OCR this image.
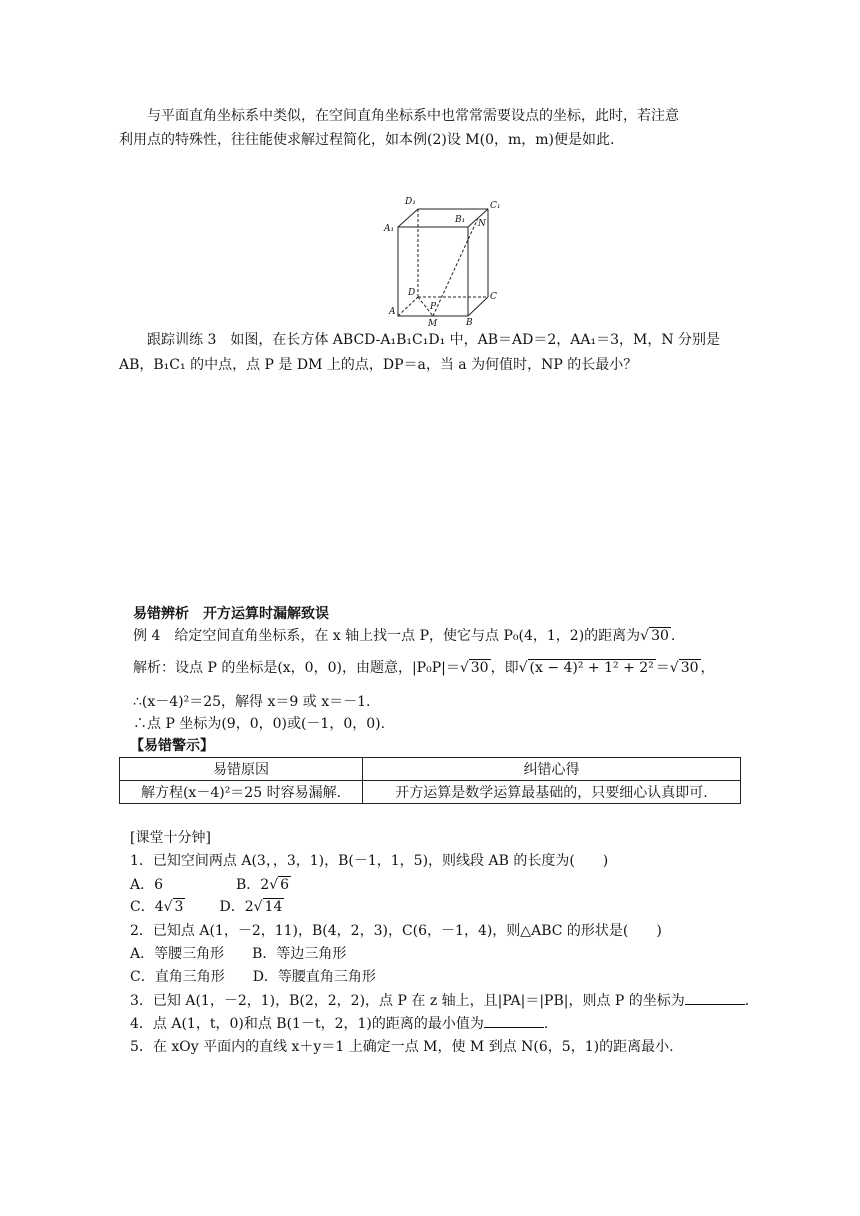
与平面直角坐标系中类似，在空间直角坐标系中也常常需要设点的坐标，此时，若注意
利用点的特殊性，往往能使求解过程简化，如本例(2)设 M(0，m，m)便是如此.
D₁
B₁
C₁
N
A₁
D	C
P
A
M	B
跟踪训练 3　如图，在长方体 ABCD-A₁B₁C₁D₁ 中，AB＝AD＝2，AA₁＝3，M，N 分别是
AB，B₁C₁ 的中点，点 P 是 DM 上的点，DP＝a，当 a 为何值时，NP 的长最小？
易错辨析　开方运算时漏解致误
例 4　给定空间直角坐标系，在 x 轴上找一点 P，使它与点 P₀(4，1，2)的距离为√ 30 .
解析：设点 P 的坐标是(x，0，0)，由题意，|P₀P|＝√ 30 ，即√ (x − 4)² + 1² + 2² ＝√ 30 ，
∴(x－4)²＝25，解得 x＝9 或 x＝－1.
∴点 P 坐标为(9，0，0)或(－1，0，0).
【易错警示】
易错原因	纠错心得
解方程(x－4)²＝25 时容易漏解.	开方运算是数学运算最基础的，只要细心认真即可.
[课堂十分钟]
1．已知空间两点 A(3，，3，1)，B(－1，1，5)，则线段 AB 的长度为(　　)
A．6	B．2√ 6
C．4√ 3	D．2√ 14
2．已知点 A(1，－2，11)，B(4，2，3)，C(6，－1，4)，则△ABC 的形状是(　　)
A．等腰三角形　　B．等边三角形
C．直角三角形　　D．等腰直角三角形
3．已知 A(1，－2，1)，B(2，2，2)，点 P 在 z 轴上，且|PA|＝|PB|，则点 P 的坐标为	.
4．点 A(1，t，0)和点 B(1－t，2，1)的距离的最小值为	.
5．在 xOy 平面内的直线 x＋y＝1 上确定一点 M，使 M 到点 N(6，5，1)的距离最小.
